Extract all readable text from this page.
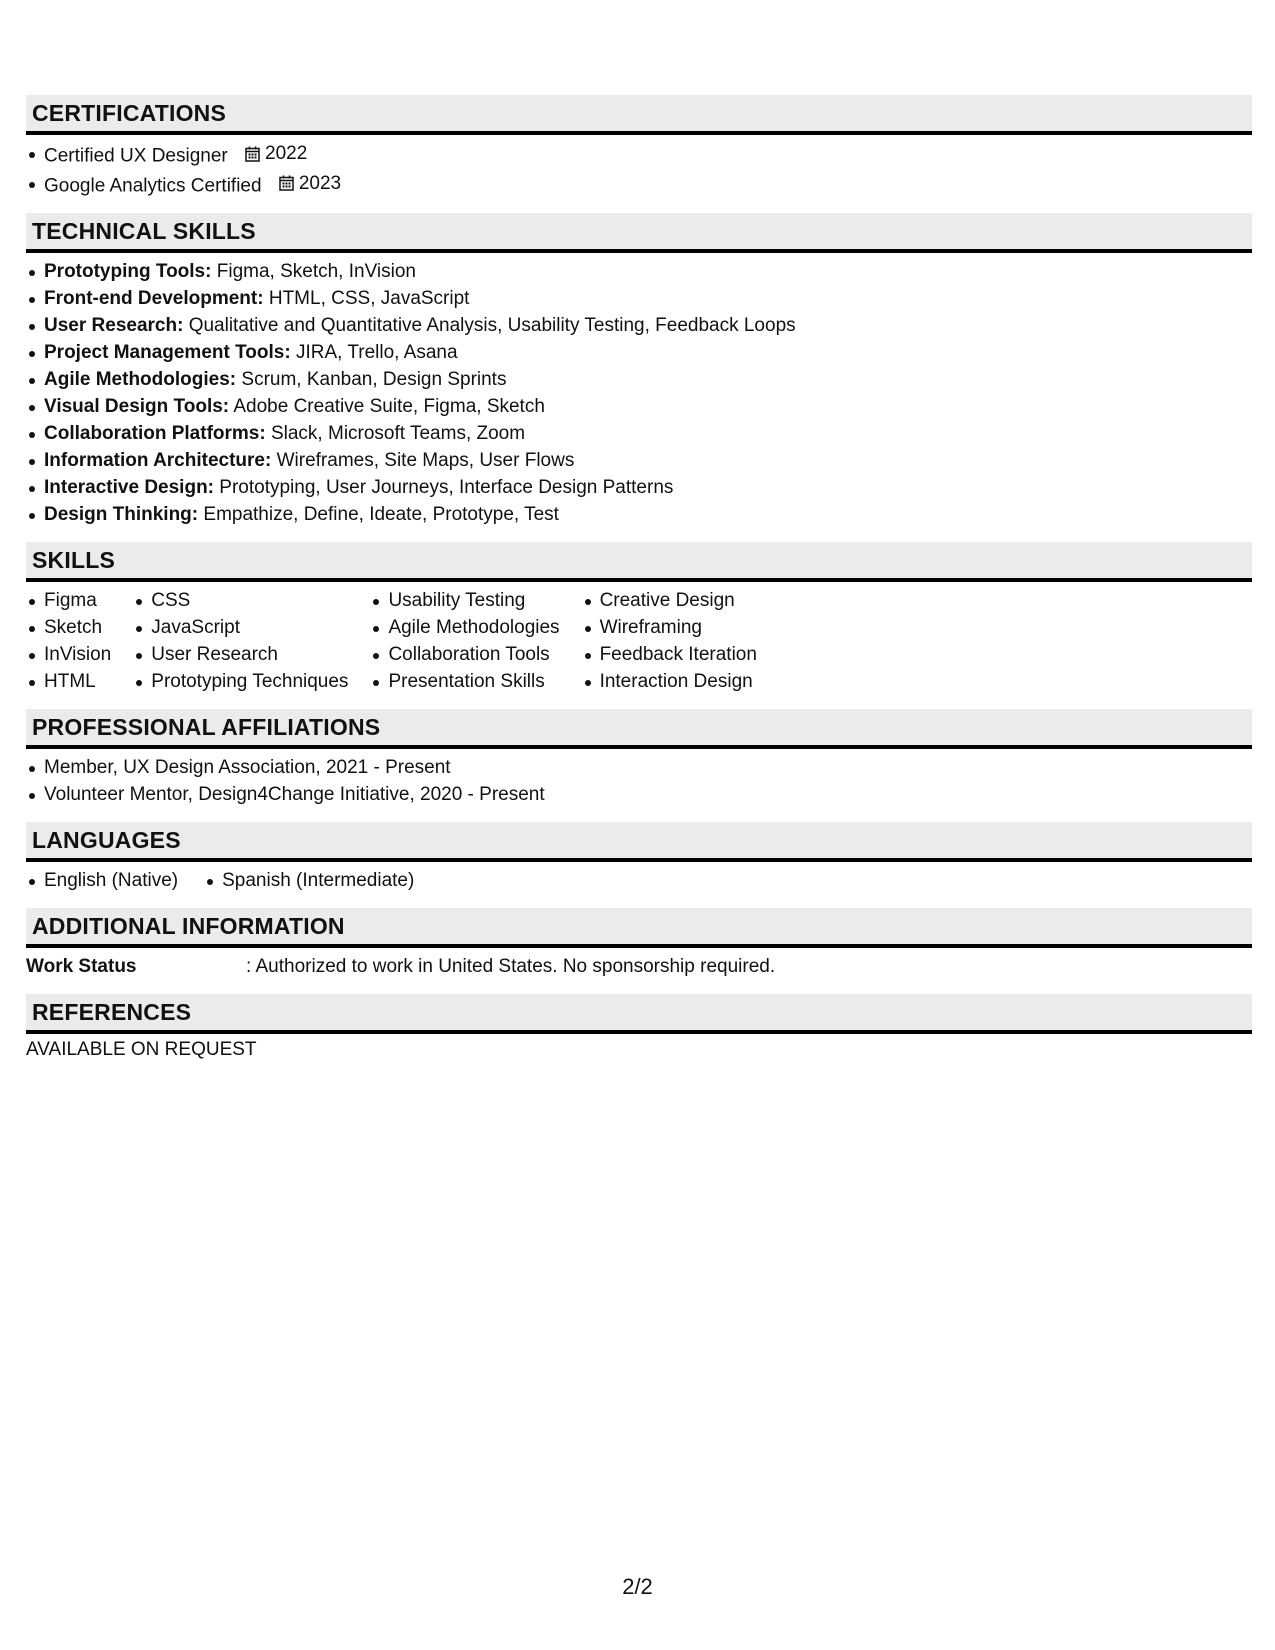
CERTIFICATIONS
Certified UX Designer 2022
Google Analytics Certified 2023
TECHNICAL SKILLS
Prototyping Tools: Figma, Sketch, InVision
Front-end Development: HTML, CSS, JavaScript
User Research: Qualitative and Quantitative Analysis, Usability Testing, Feedback Loops
Project Management Tools: JIRA, Trello, Asana
Agile Methodologies: Scrum, Kanban, Design Sprints
Visual Design Tools: Adobe Creative Suite, Figma, Sketch
Collaboration Platforms: Slack, Microsoft Teams, Zoom
Information Architecture: Wireframes, Site Maps, User Flows
Interactive Design: Prototyping, User Journeys, Interface Design Patterns
Design Thinking: Empathize, Define, Ideate, Prototype, Test
SKILLS
Figma
Sketch
InVision
HTML
CSS
JavaScript
User Research
Prototyping Techniques
Usability Testing
Agile Methodologies
Collaboration Tools
Presentation Skills
Creative Design
Wireframing
Feedback Iteration
Interaction Design
PROFESSIONAL AFFILIATIONS
Member, UX Design Association, 2021 - Present
Volunteer Mentor, Design4Change Initiative, 2020 - Present
LANGUAGES
English (Native)	Spanish (Intermediate)
ADDITIONAL INFORMATION
Work Status	: Authorized to work in United States. No sponsorship required.
REFERENCES
AVAILABLE ON REQUEST
2/2
